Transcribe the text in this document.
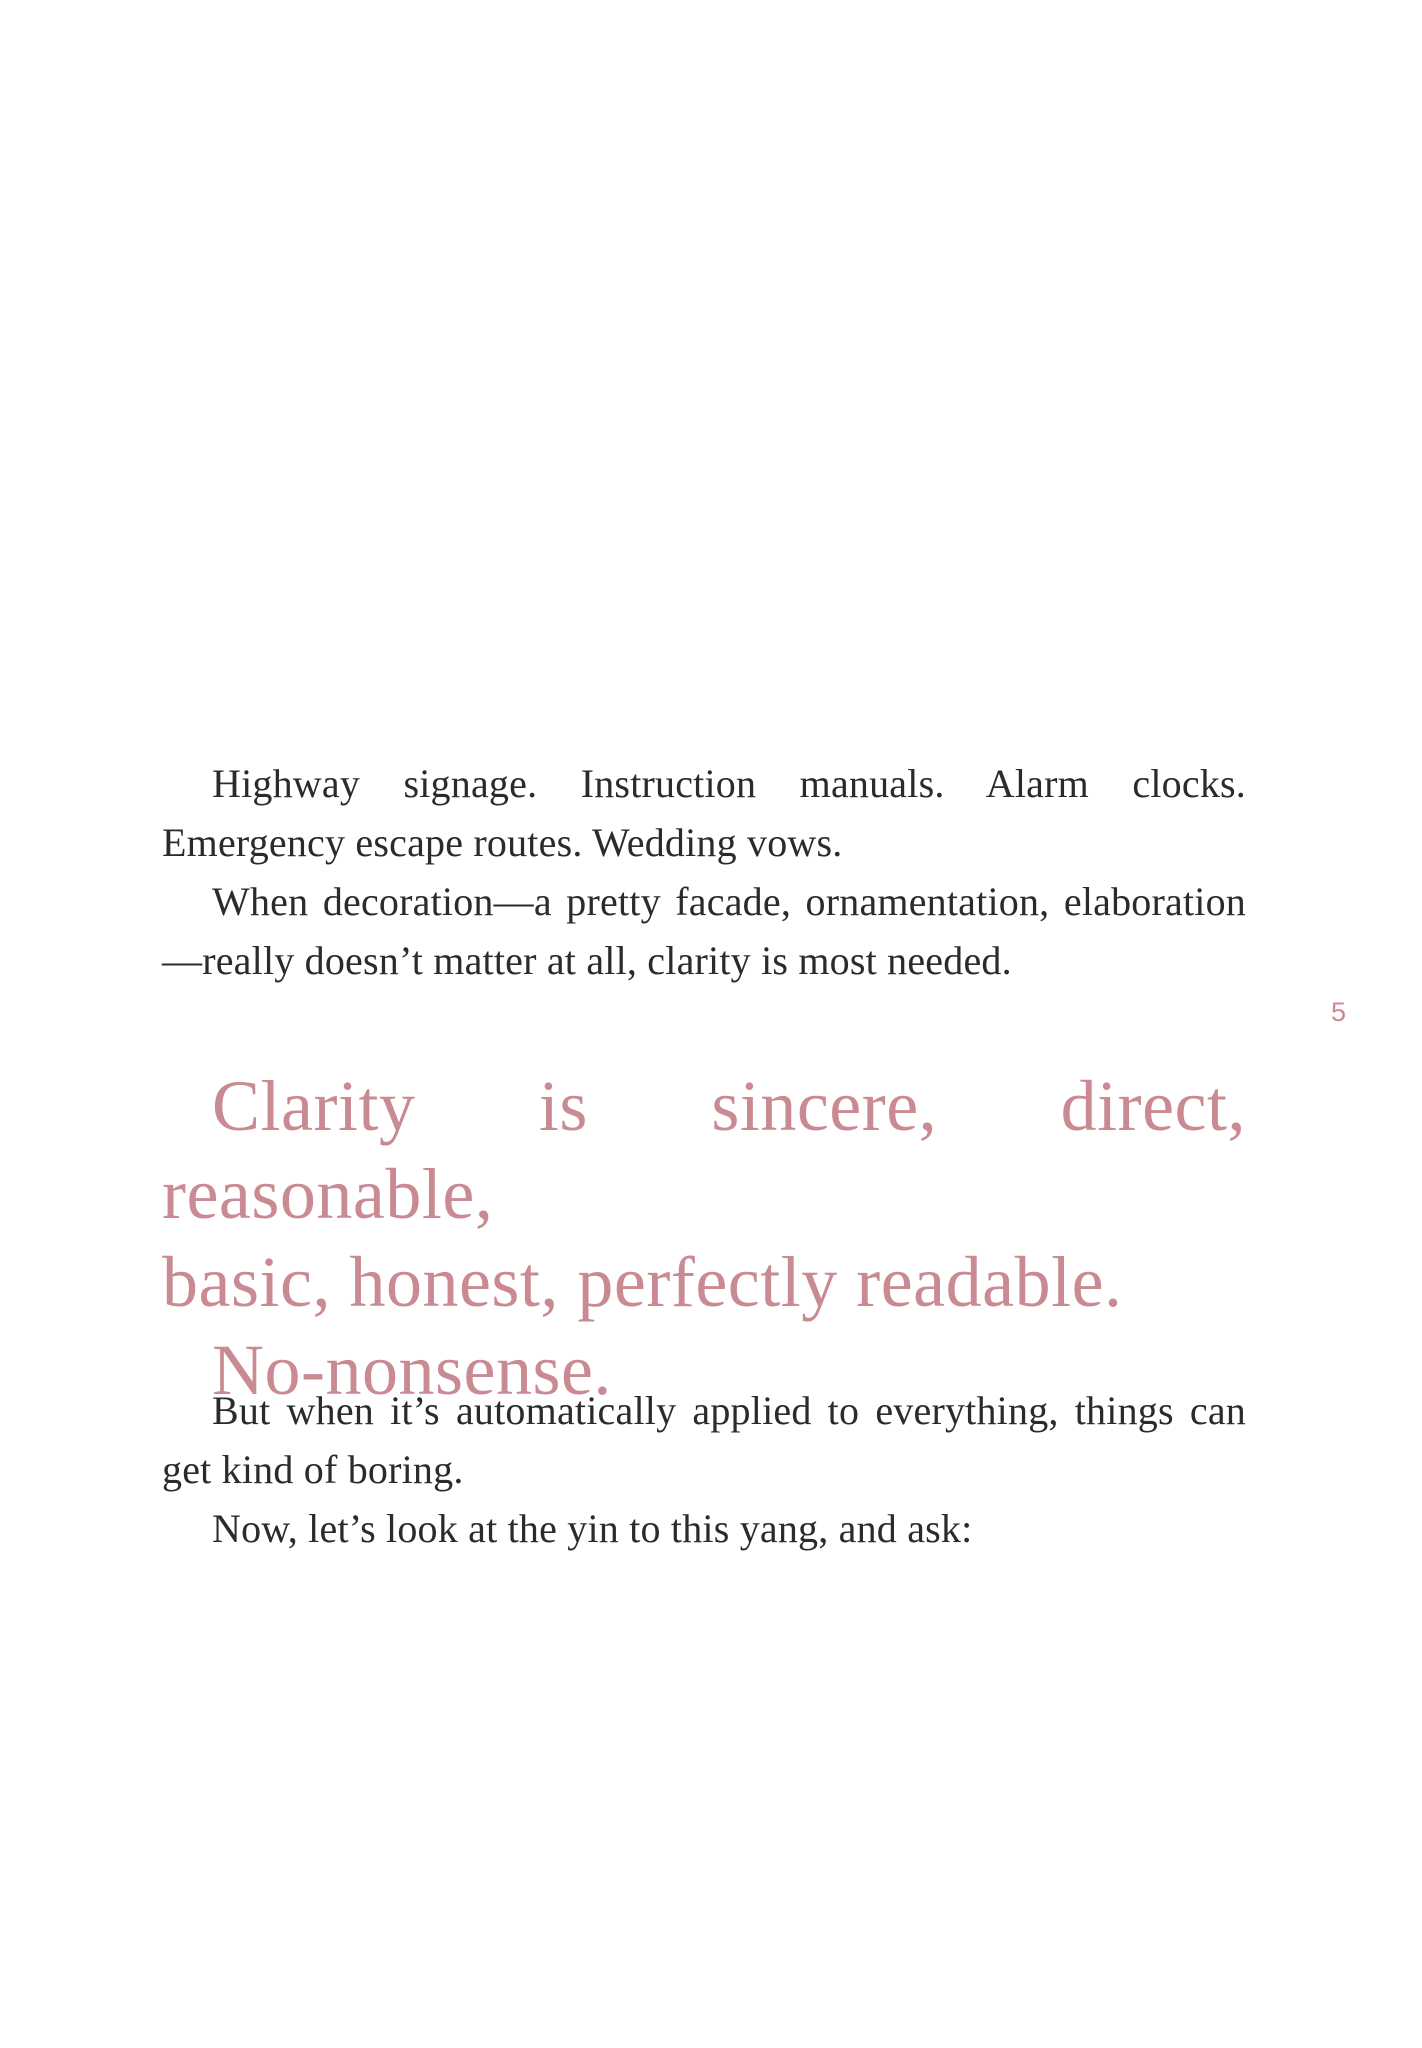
Highway signage. Instruction manuals. Alarm clocks. Emergency escape routes. Wedding vows.

When decoration—a pretty facade, ornamentation, elaboration—really doesn’t matter at all, clarity is most needed.

5
Clarity is sincere, direct, reasonable,
basic, honest, perfectly readable.
No-nonsense.

But when it’s automatically applied to everything, things can get kind of boring.

Now, let’s look at the yin to this yang, and ask:
